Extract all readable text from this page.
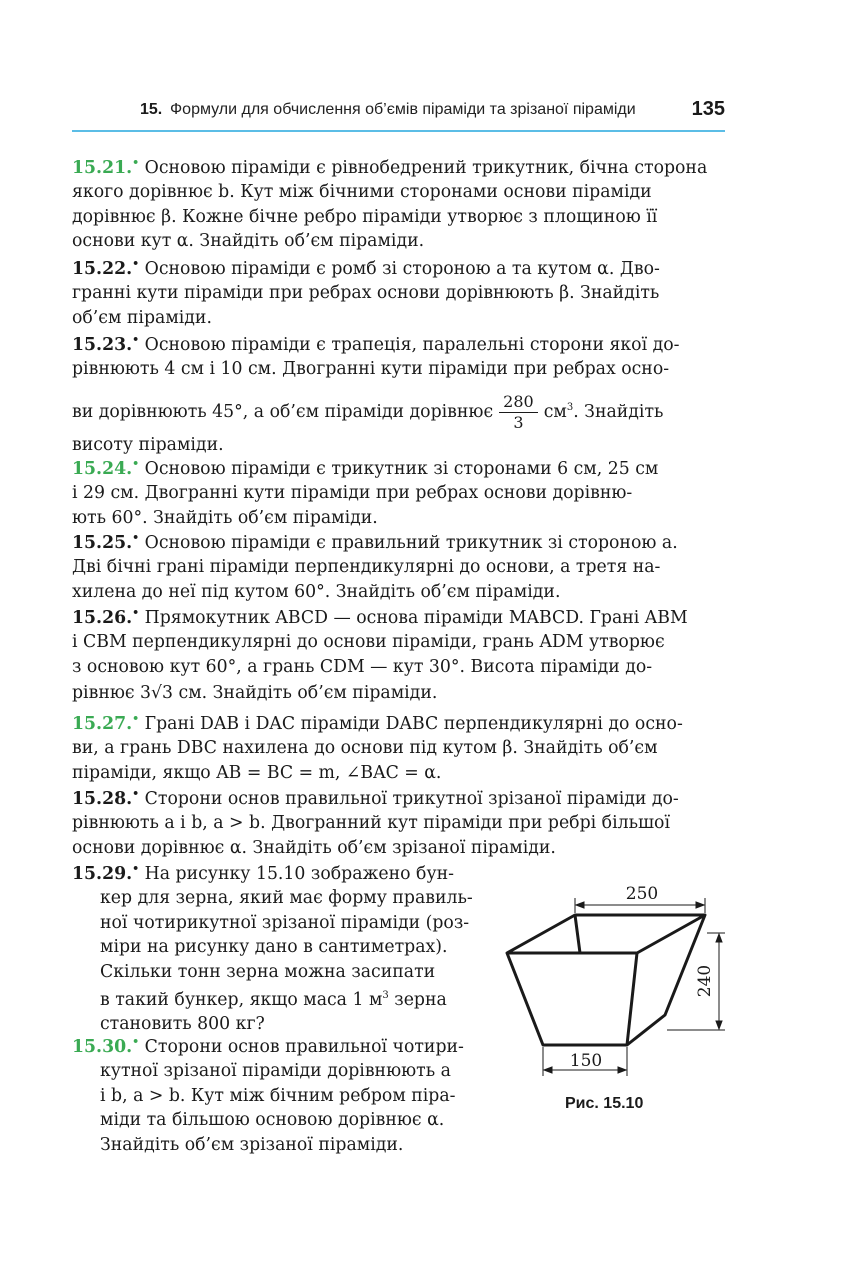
15. Формули для обчислення об’ємів піраміди та зрізаної піраміди	135
15.21.• Основою піраміди є рівнобедрений трикутник, бічна сторона
якого дорівнює b. Кут між бічними сторонами основи піраміди
дорівнює β. Кожне бічне ребро піраміди утворює з площиною її
основи кут α. Знайдіть об’єм піраміди.
15.22.• Основою піраміди є ромб зі стороною a та кутом α. Дво-
гранні кути піраміди при ребрах основи дорівнюють β. Знайдіть
об’єм піраміди.
15.23.• Основою піраміди є трапеція, паралельні сторони якої до-
рівнюють 4 см і 10 см. Двогранні кути піраміди при ребрах осно-
ви дорівнюють 45°, а об’єм піраміди дорівнює $\frac{280}{3} см^3$. Знайдіть
висоту піраміди.
15.24.• Основою піраміди є трикутник зі сторонами 6 см, 25 см
і 29 см. Двогранні кути піраміди при ребрах основи дорівню-
ють 60°. Знайдіть об’єм піраміди.
15.25.• Основою піраміди є правильний трикутник зі стороною a.
Дві бічні грані піраміди перпендикулярні до основи, а третя на-
хилена до неї під кутом 60°. Знайдіть об’єм піраміди.
15.26.• Прямокутник ABCD — основа піраміди MABCD. Грані ABM
і CBM перпендикулярні до основи піраміди, грань ADM утворює
з основою кут 60°, а грань CDM — кут 30°. Висота піраміди до-
рівнює 3√3 см. Знайдіть об’єм піраміди.
15.27.• Грані DAB і DAC піраміди DABC перпендикулярні до осно-
ви, а грань DBC нахилена до основи під кутом β. Знайдіть об’єм
піраміди, якщо AB = BC = m, ∠BAC = α.
15.28.• Сторони основ правильної трикутної зрізаної піраміди до-
рівнюють a і b, a > b. Двогранний кут піраміди при ребрі більшої
основи дорівнює α. Знайдіть об’єм зрізаної піраміди.
15.29.• На рисунку 15.10 зображено бун-
кер для зерна, який має форму правиль-
ної чотирикутної зрізаної піраміди (роз-
міри на рисунку дано в сантиметрах).
Скільки тонн зерна можна засипати
в такий бункер, якщо маса 1 $м^3$ зерна
становить 800 кг?
15.30.• Сторони основ правильної чотири-
кутної зрізаної піраміди дорівнюють a
і b, a > b. Кут між бічним ребром пірa-
міди та більшою основою дорівнює α.
Знайдіть об’єм зрізаної піраміди.
250
240
150
Рис. 15.10
